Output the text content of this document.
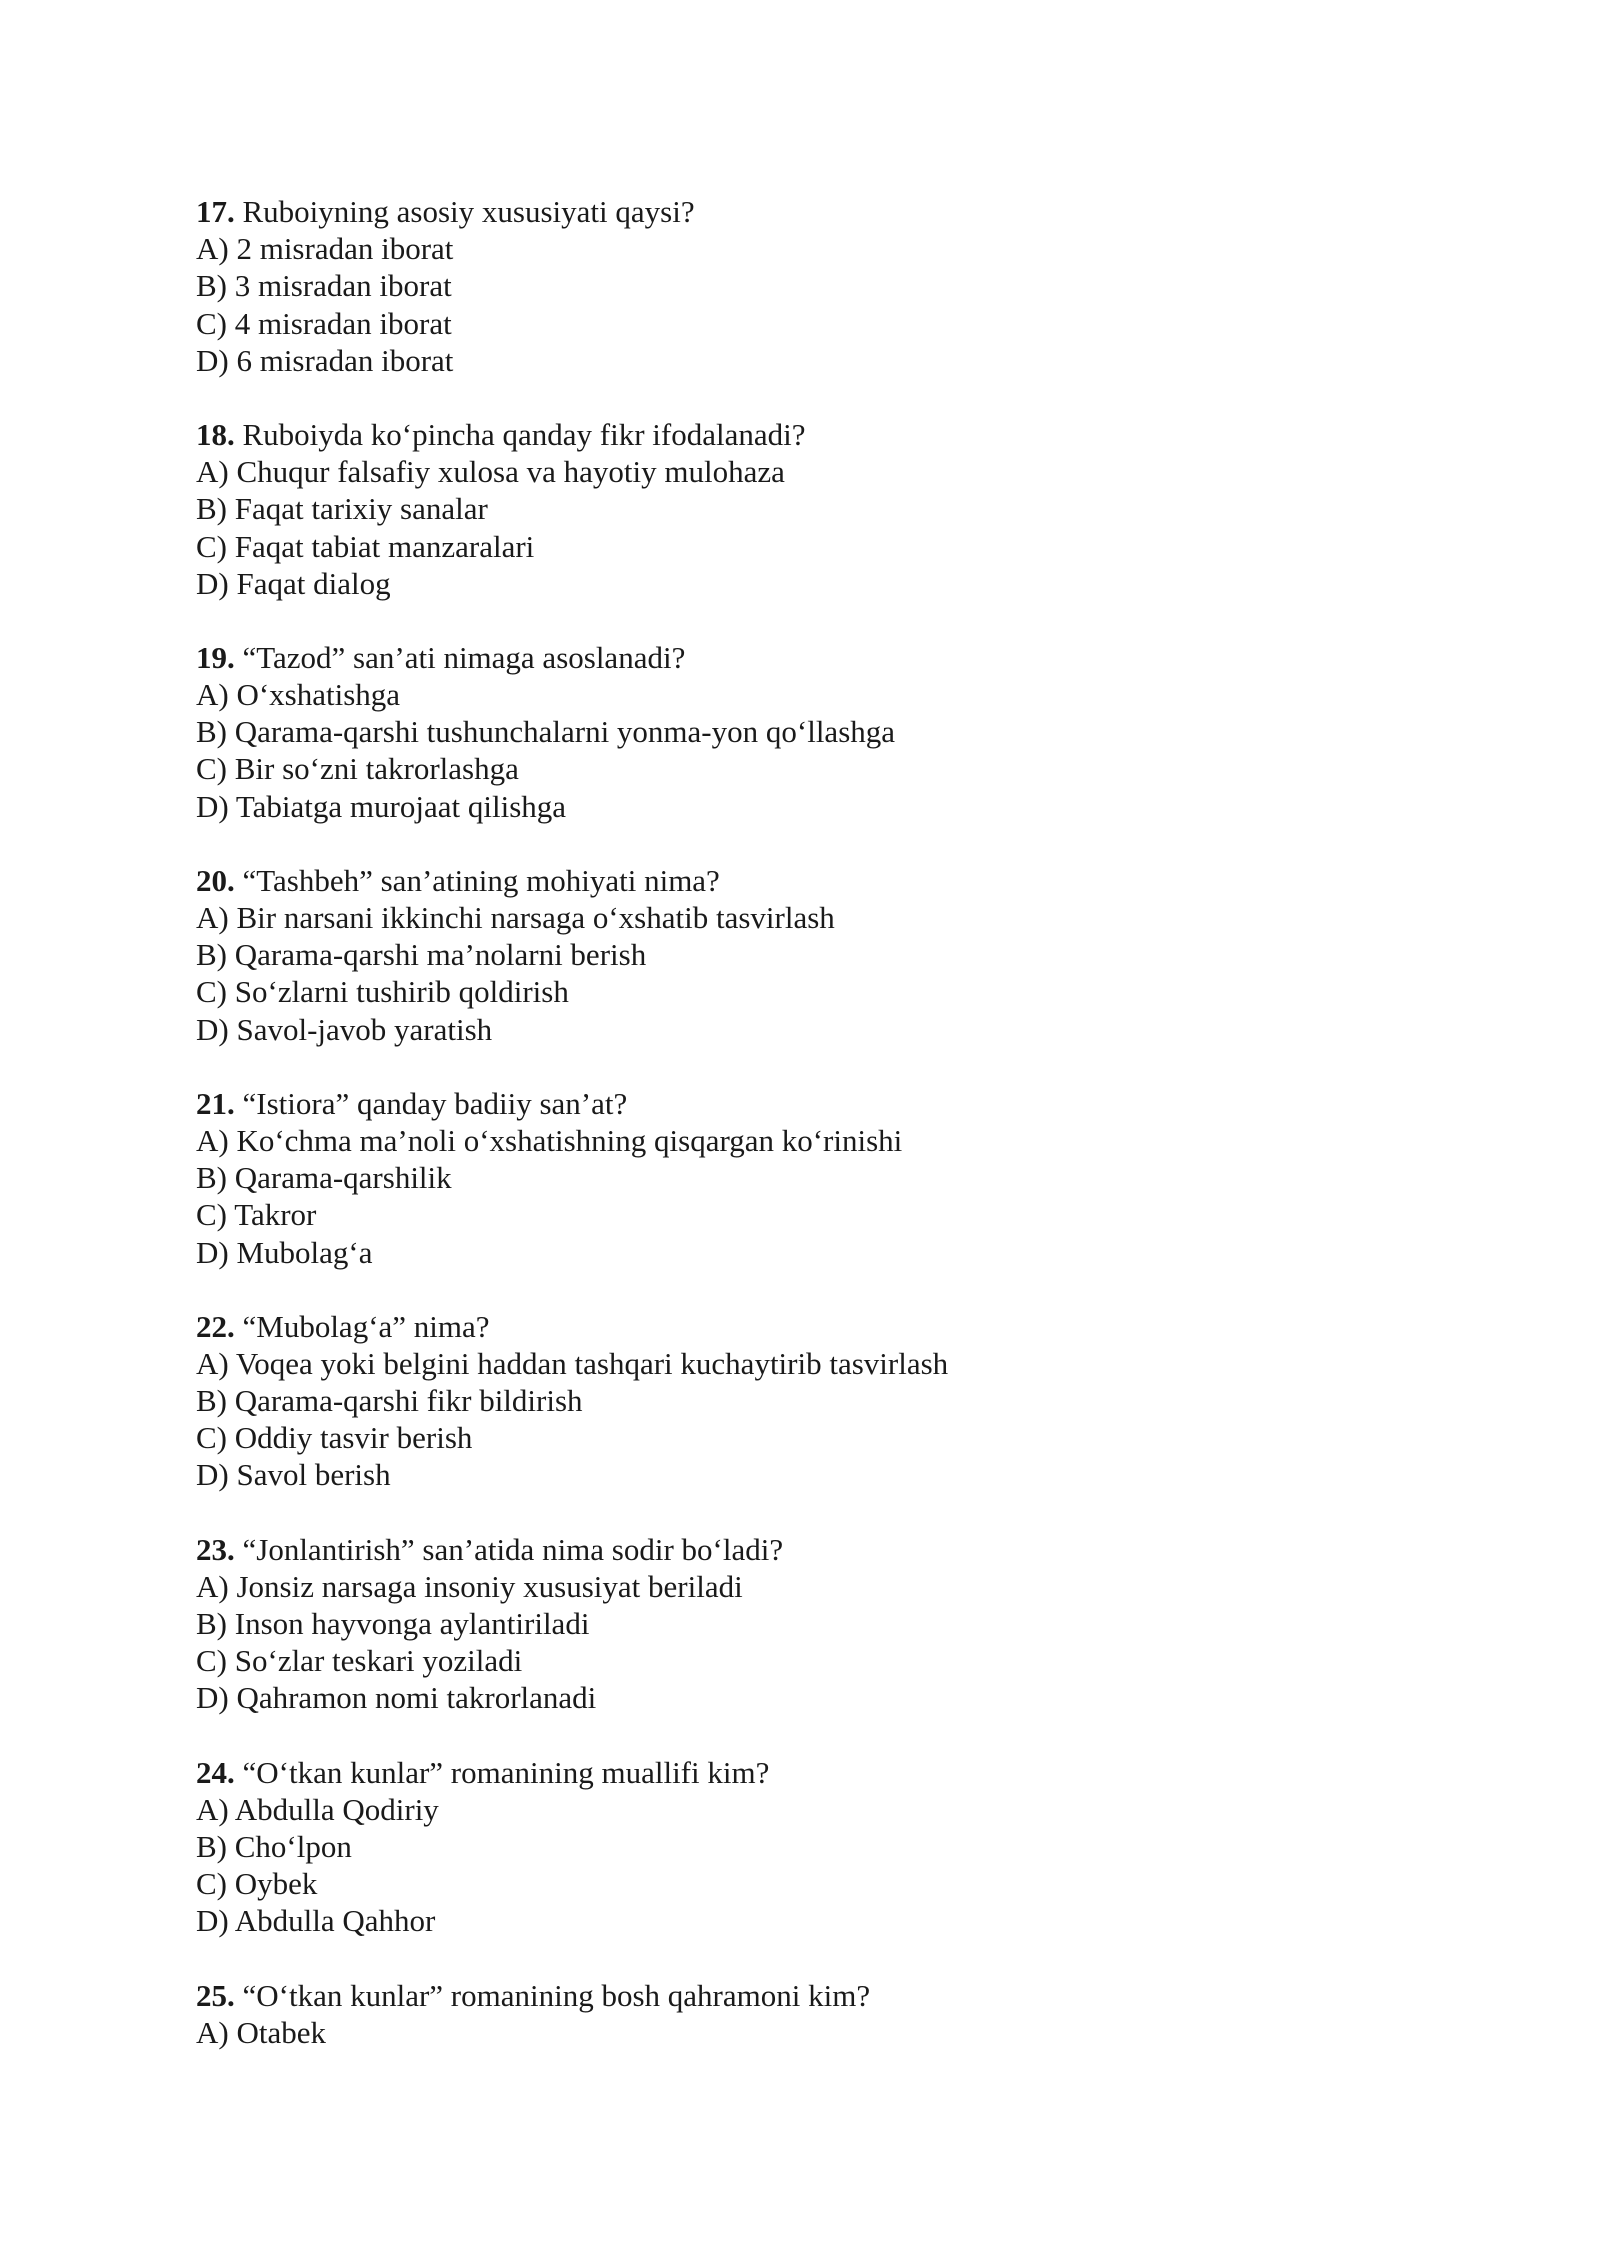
17. Ruboiyning asosiy xususiyati qaysi?
A) 2 misradan iborat
B) 3 misradan iborat
C) 4 misradan iborat
D) 6 misradan iborat
18. Ruboiyda ko‘pincha qanday fikr ifodalanadi?
A) Chuqur falsafiy xulosa va hayotiy mulohaza
B) Faqat tarixiy sanalar
C) Faqat tabiat manzaralari
D) Faqat dialog
19. “Tazod” san’ati nimaga asoslanadi?
A) O‘xshatishga
B) Qarama-qarshi tushunchalarni yonma-yon qo‘llashga
C) Bir so‘zni takrorlashga
D) Tabiatga murojaat qilishga
20. “Tashbeh” san’atining mohiyati nima?
A) Bir narsani ikkinchi narsaga o‘xshatib tasvirlash
B) Qarama-qarshi ma’nolarni berish
C) So‘zlarni tushirib qoldirish
D) Savol-javob yaratish
21. “Istiora” qanday badiiy san’at?
A) Ko‘chma ma’noli o‘xshatishning qisqargan ko‘rinishi
B) Qarama-qarshilik
C) Takror
D) Mubolag‘a
22. “Mubolag‘a” nima?
A) Voqea yoki belgini haddan tashqari kuchaytirib tasvirlash
B) Qarama-qarshi fikr bildirish
C) Oddiy tasvir berish
D) Savol berish
23. “Jonlantirish” san’atida nima sodir bo‘ladi?
A) Jonsiz narsaga insoniy xususiyat beriladi
B) Inson hayvonga aylantiriladi
C) So‘zlar teskari yoziladi
D) Qahramon nomi takrorlanadi
24. “O‘tkan kunlar” romanining muallifi kim?
A) Abdulla Qodiriy
B) Cho‘lpon
C) Oybek
D) Abdulla Qahhor
25. “O‘tkan kunlar” romanining bosh qahramoni kim?
A) Otabek
